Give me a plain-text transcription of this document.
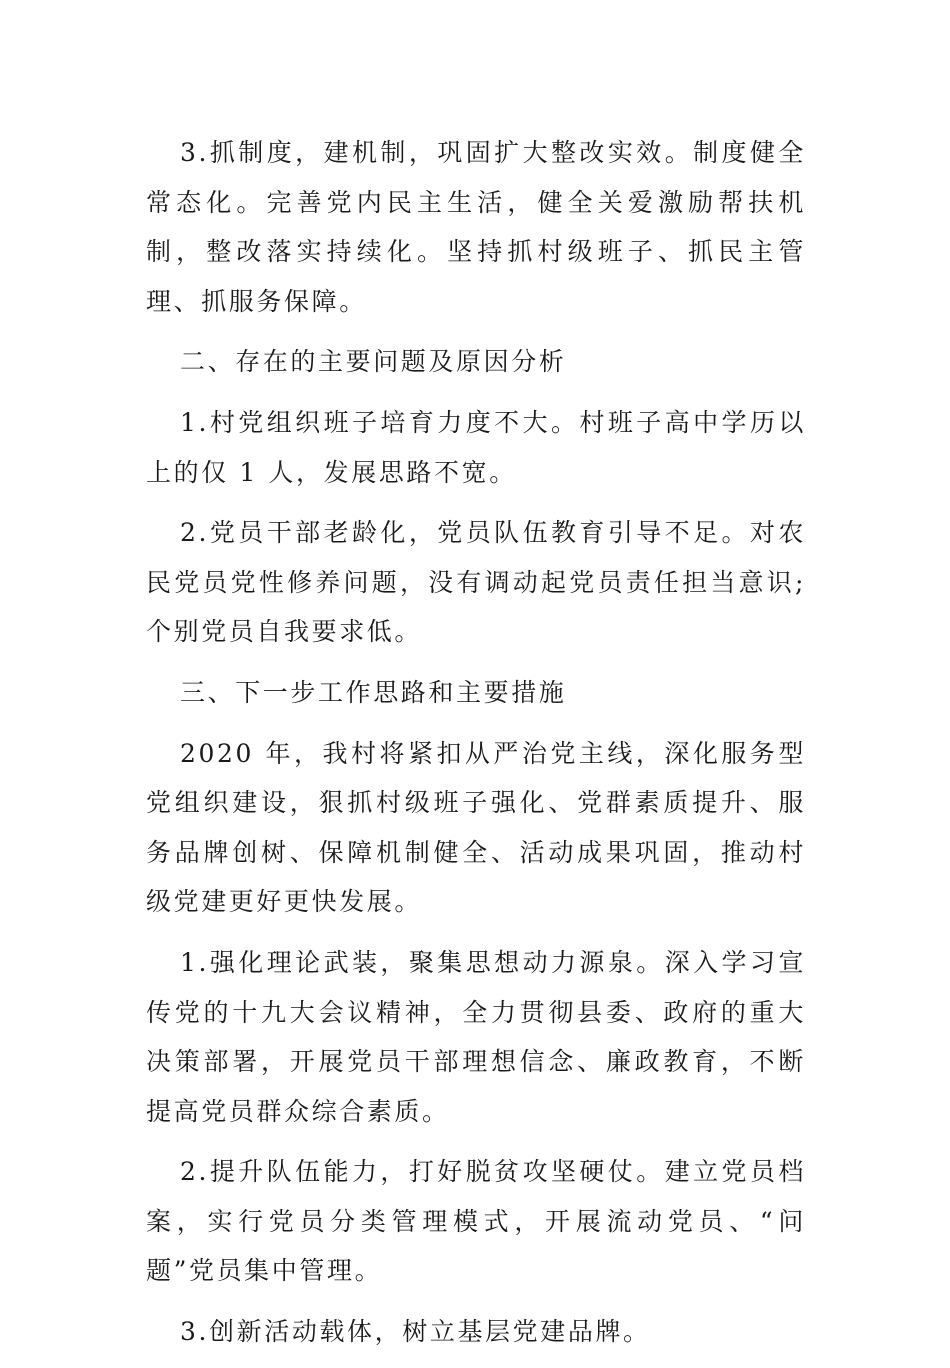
3.抓制度，建机制，巩固扩大整改实效。制度健全常态化。完善党内民主生活，健全关爱激励帮扶机制，整改落实持续化。坚持抓村级班子、抓民主管理、抓服务保障。

二、存在的主要问题及原因分析

1.村党组织班子培育力度不大。村班子高中学历以上的仅 1 人，发展思路不宽。

2.党员干部老龄化，党员队伍教育引导不足。对农民党员党性修养问题，没有调动起党员责任担当意识;个别党员自我要求低。

三、下一步工作思路和主要措施

2020 年，我村将紧扣从严治党主线，深化服务型党组织建设，狠抓村级班子强化、党群素质提升、服务品牌创树、保障机制健全、活动成果巩固，推动村级党建更好更快发展。

1.强化理论武装，聚集思想动力源泉。深入学习宣传党的十九大会议精神，全力贯彻县委、政府的重大决策部署，开展党员干部理想信念、廉政教育，不断提高党员群众综合素质。

2.提升队伍能力，打好脱贫攻坚硬仗。建立党员档案，实行党员分类管理模式，开展流动党员、“问题”党员集中管理。

3.创新活动载体，树立基层党建品牌。
